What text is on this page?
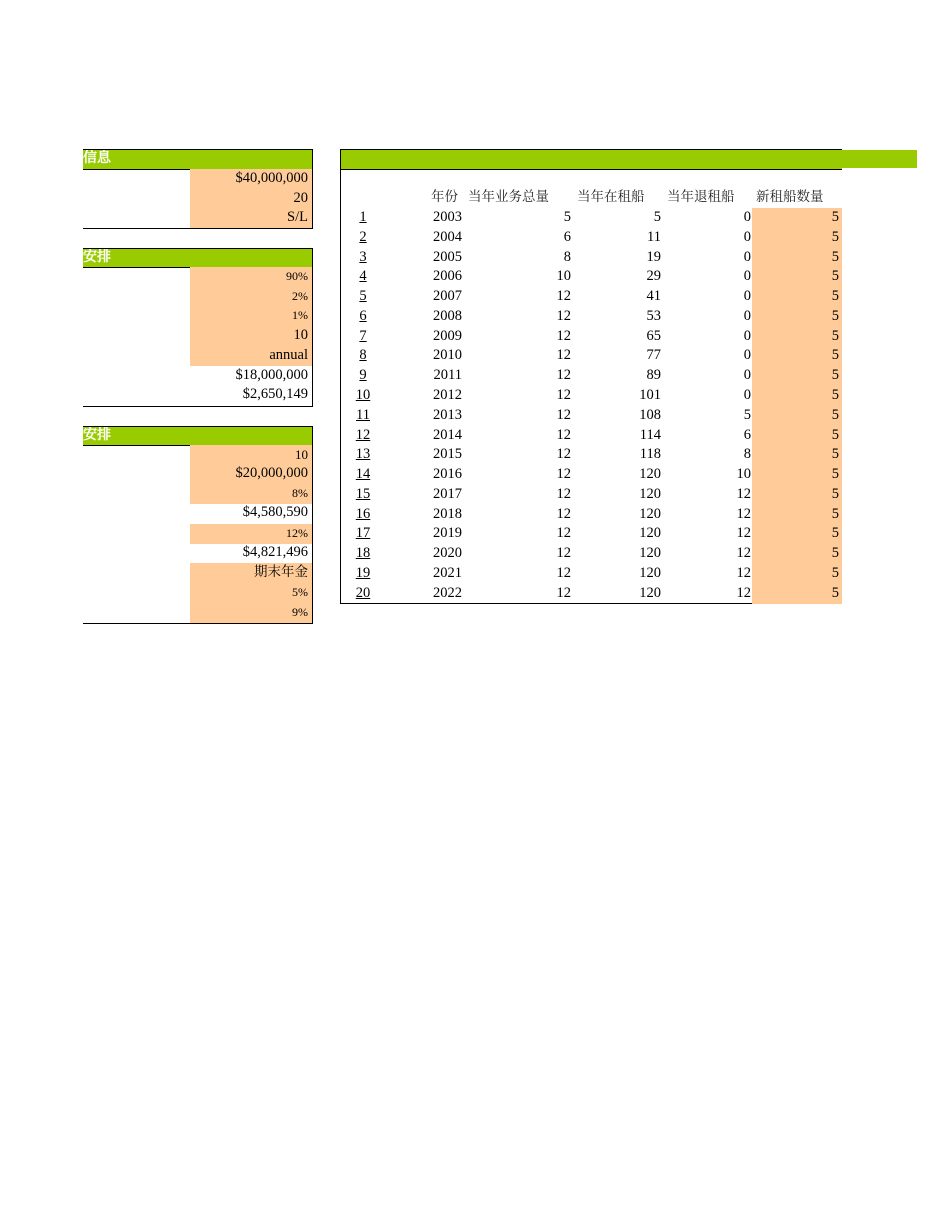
信息
$40,000,000
20
S/L
安排
90%
2%
1%
10
annual
$18,000,000
$2,650,149
安排
10
$20,000,000
8%
$4,580,590
12%
$4,821,496
期末年金
5%
9%
年份 当年业务总量 当年在租船 当年退租船 新租船数量
1	2003	5	5	0	5
2	2004	6	11	0	5
3	2005	8	19	0	5
4	2006	10	29	0	5
5	2007	12	41	0	5
6	2008	12	53	0	5
7	2009	12	65	0	5
8	2010	12	77	0	5
9	2011	12	89	0	5
10	2012	12	101	0	5
11	2013	12	108	5	5
12	2014	12	114	6	5
13	2015	12	118	8	5
14	2016	12	120	10	5
15	2017	12	120	12	5
16	2018	12	120	12	5
17	2019	12	120	12	5
18	2020	12	120	12	5
19	2021	12	120	12	5
20	2022	12	120	12	5
